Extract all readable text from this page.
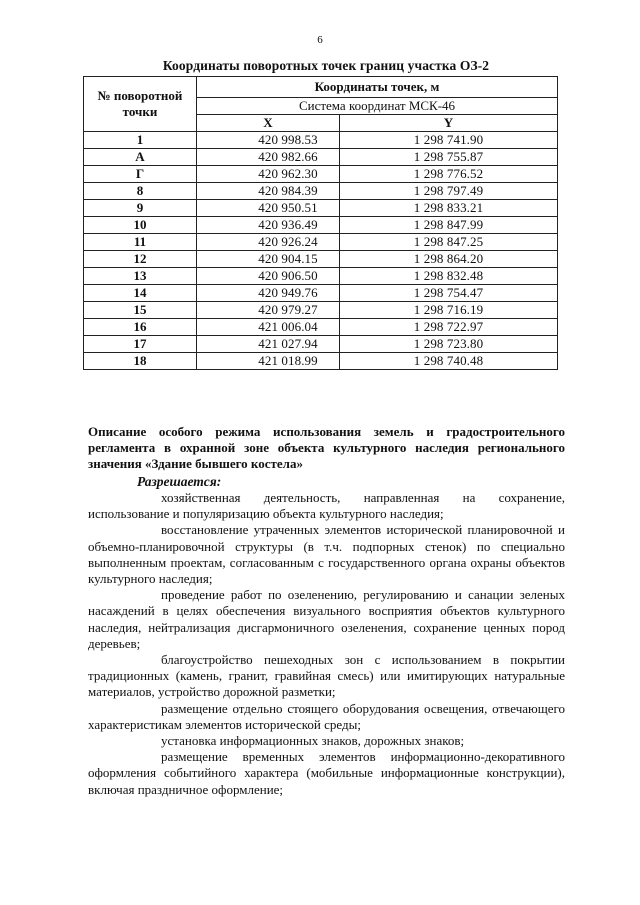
6
Координаты поворотных точек границ участка ОЗ-2
№ поворотной
точки	Координаты точек, м	

	Система координат МСК-46	
	X	Y
1	420 998.53	1 298 741.90
А	420 982.66	1 298 755.87
Г	420 962.30	1 298 776.52
8	420 984.39	1 298 797.49
9	420 950.51	1 298 833.21
10	420 936.49	1 298 847.99
11	420 926.24	1 298 847.25
12	420 904.15	1 298 864.20
13	420 906.50	1 298 832.48
14	420 949.76	1 298 754.47
15	420 979.27	1 298 716.19
16	421 006.04	1 298 722.97
17	421 027.94	1 298 723.80
18	421 018.99	1 298 740.48
Описание особого режима использования земель и градостроительного регламента в охранной зоне объекта культурного наследия регионального значения «Здание бывшего костела»
Разрешается:

хозяйственная деятельность, направленная на сохранение, использование и популяризацию объекта культурного наследия;

восстановление утраченных элементов исторической планировочной и объемно-планировочной структуры (в т.ч. подпорных стенок) по специально выполненным проектам, согласованным с государственного органа охраны объектов культурного наследия;

проведение работ по озеленению, регулированию и санации зеленых насаждений в целях обеспечения визуального восприятия объектов культурного наследия, нейтрализация дисгармоничного озеленения, сохранение ценных пород деревьев;

благоустройство пешеходных зон с использованием в покрытии традиционных (камень, гранит, гравийная смесь) или имитирующих натуральные материалов, устройство дорожной разметки;

размещение отдельно стоящего оборудования освещения, отвечающего характеристикам элементов исторической среды;

установка информационных знаков, дорожных знаков;

размещение временных элементов информационно-декоративного оформления событийного характера (мобильные информационные конструкции), включая праздничное оформление;
